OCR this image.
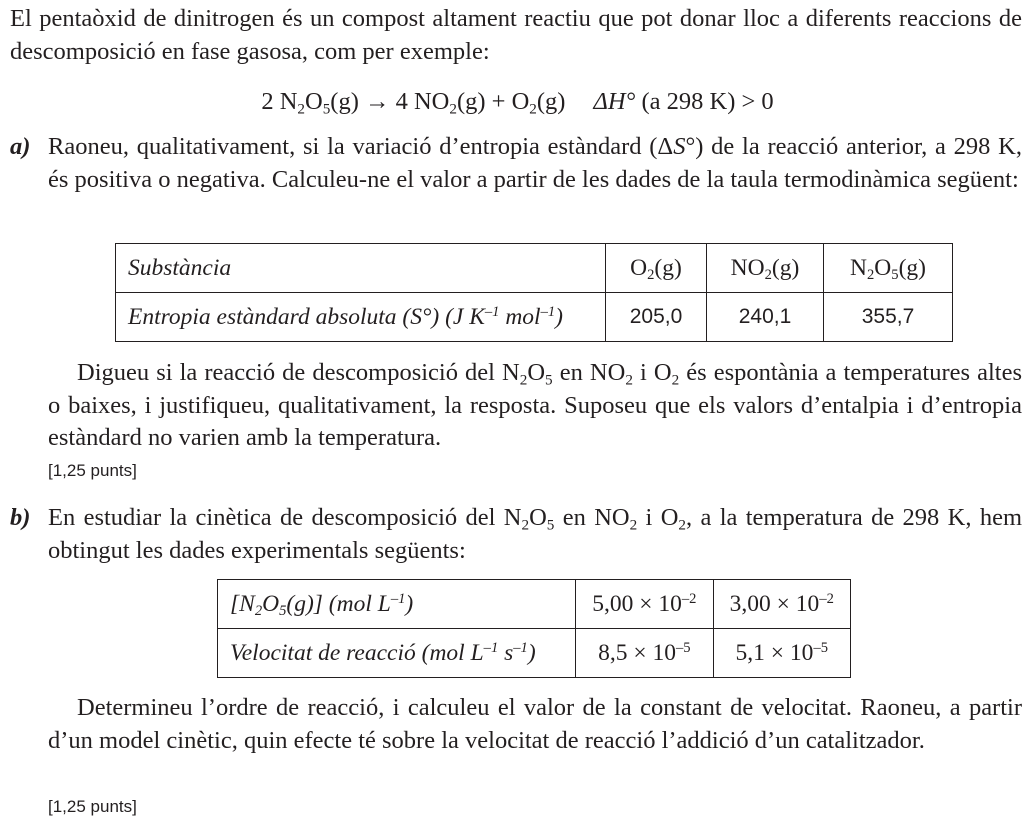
El pentaòxid de dinitrogen és un compost altament reactiu que pot donar lloc a diferents reaccions de descomposició en fase gasosa, com per exemple:
2 $N_2O_5(g) \to 4$ $NO_2(g) + O_2(g)$ ΔH° (a 298 K) > 0
a) Raoneu, qualitativament, si la variació d’entropia estàndard (ΔS°) de la reacció anterior, a 298 K, és positiva o negativa. Calculeu-ne el valor a partir de les dades de la taula termodinàmica següent:
Substància	$O_2(g)$	$NO_2(g)$	$N_2O_5(g)$
Entropia estàndard absoluta (S°) (J $K^{-1}$ mol$^{-1}$)	205,0	240,1	355,7
Digueu si la reacció de descomposició del $N_2O_5$ en $NO_2$ i $O_2$ és espontània a temperatures altes o baixes, i justifiqueu, qualitativament, la resposta. Suposeu que els valors d’entalpia i d’entropia estàndard no varien amb la temperatura.
[1,25 punts]
b) En estudiar la cinètica de descomposició del $N_2O_5$ en $NO_2$ i $O_2$, a la temperatura de 298 K, hem obtingut les dades experimentals següents:
$[N_2O_5(g)]$ (mol $L^{-1}$)	$5,00 \times 10^{-2}$	$3,00 \times 10^{-2}$
Velocitat de reacció (mol $L^{-1}$ $s^{-1}$)	$8,5 \times 10^{-5}$	$5,1 \times 10^{-5}$
Determineu l’ordre de reacció, i calculeu el valor de la constant de velocitat. Raoneu, a partir d’un model cinètic, quin efecte té sobre la velocitat de reacció l’addició d’un catalitzador.
[1,25 punts]
